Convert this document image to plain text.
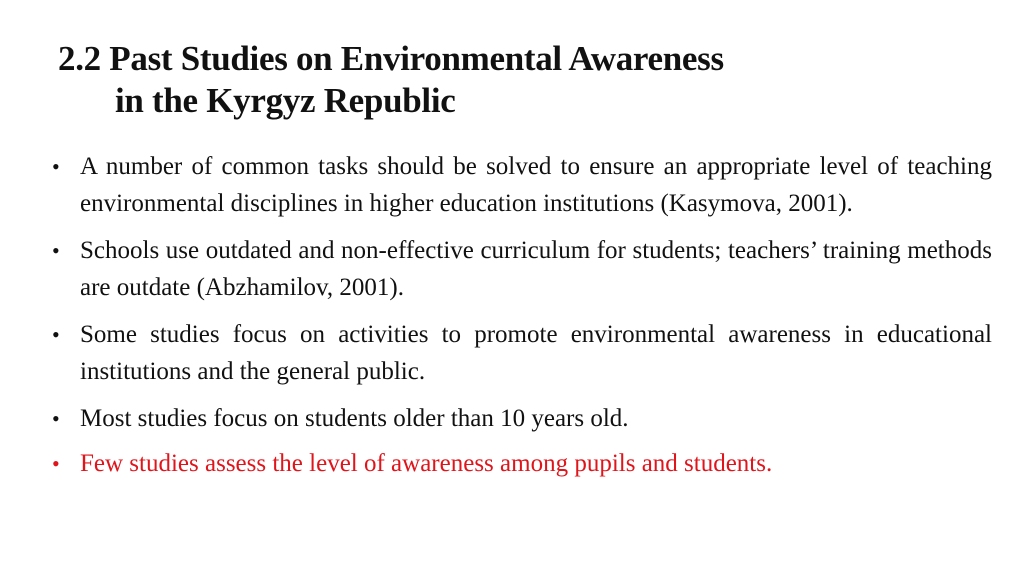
2.2 Past Studies on Environmental Awareness
in the Kyrgyz Republic
• A number of common tasks should be solved to ensure an appropriate level of teaching environmental disciplines in higher education institutions (Kasymova, 2001).
• Schools use outdated and non-effective curriculum for students; teachers’ training methods are outdate (Abzhamilov, 2001).
• Some studies focus on activities to promote environmental awareness in educational institutions and the general public.
• Most studies focus on students older than 10 years old.
• Few studies assess the level of awareness among pupils and students.
